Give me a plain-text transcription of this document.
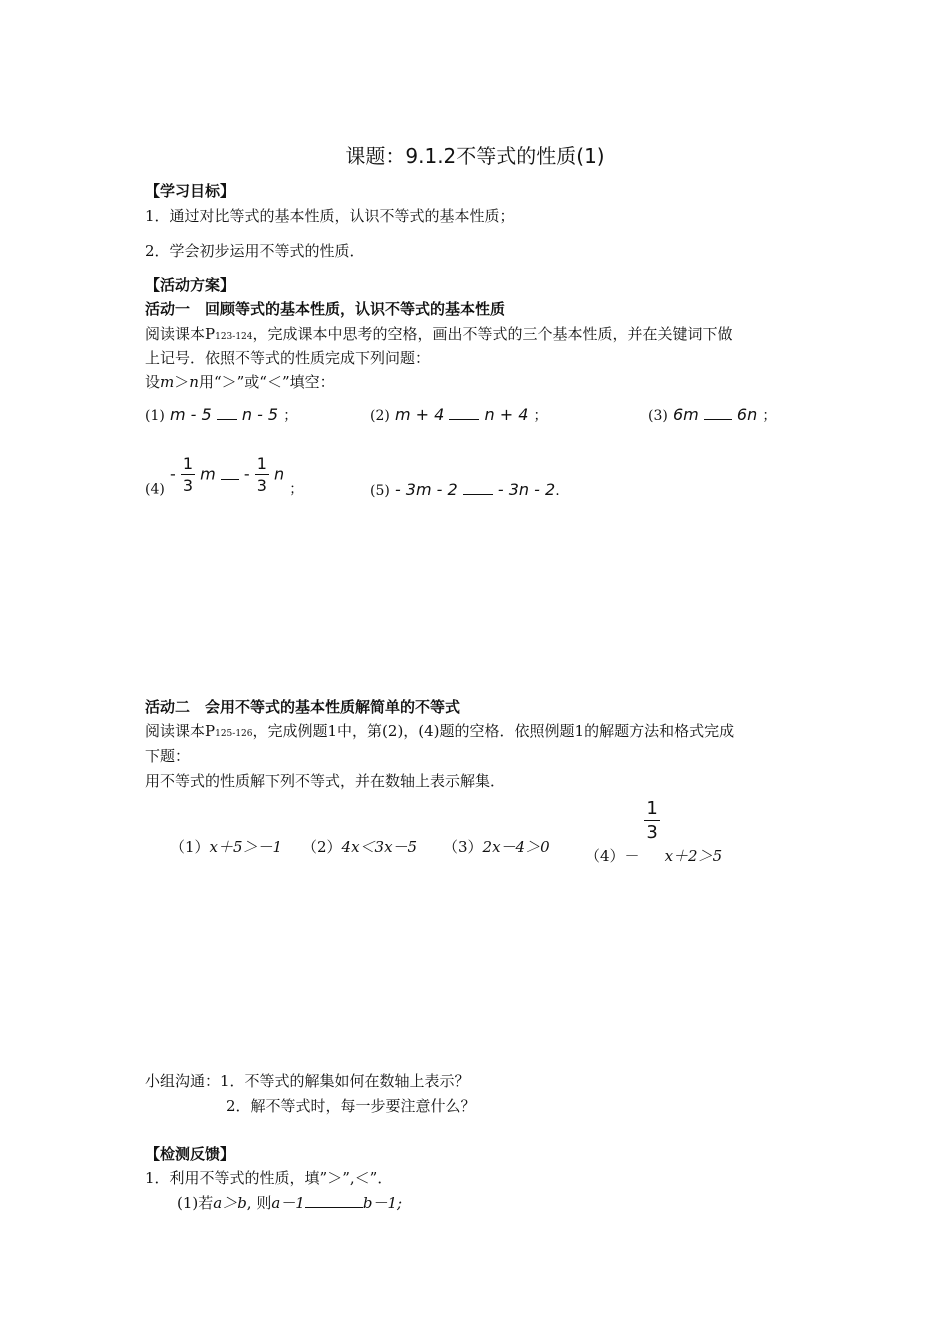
课题：9.1.2不等式的性质(1)
【学习目标】
1．通过对比等式的基本性质，认识不等式的基本性质；
2．学会初步运用不等式的性质．
【活动方案】
活动一　回顾等式的基本性质，认识不等式的基本性质
阅读课本P123-124，完成课本中思考的空格，画出不等式的三个基本性质，并在关键词下做
上记号．依照不等式的性质完成下列问题：
设m＞n用“＞”或“＜”填空：
(1) m - 5 n - 5 ；	(2) m + 4	n + 4 ；	(3) 6m 6n ；
$(4) - \frac{1}{3}$ m - $\frac{1}{3}$ n ；	(5) - 3m - 2	- 3n - 2.
活动二　会用不等式的基本性质解简单的不等式
阅读课本P125-126，完成例题1中，第(2)，(4)题的空格．依照例题1的解题方法和格式完成
下题：
用不等式的性质解下列不等式，并在数轴上表示解集．
（1）x＋5＞－1 （2）4x＜3x－5 （3）2x－4＞0 （4）－
$\frac{1}{3}$
x＋2＞5
小组沟通：1．不等式的解集如何在数轴上表示？
2．解不等式时，每一步要注意什么？
【检测反馈】
1．利用不等式的性质，填”＞”,＜”．
(1)若a＞b, 则a－1	b－1;
